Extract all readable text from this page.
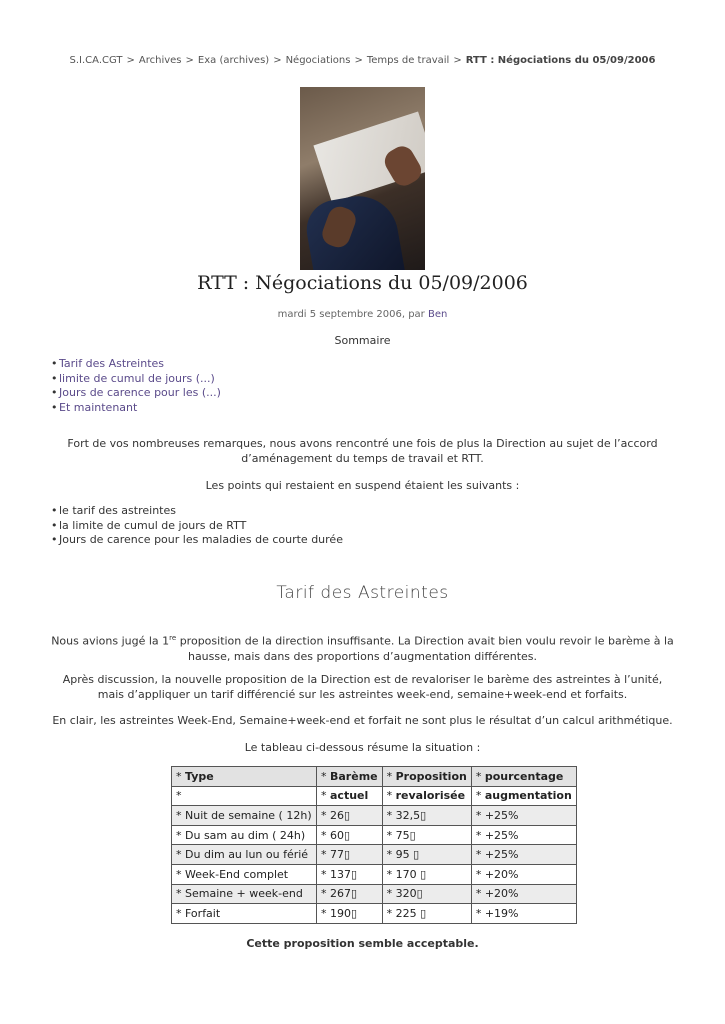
S.I.CA.CGT > Archives > Exa (archives) > Négociations > Temps de travail > RTT : Négociations du 05/09/2006
RTT : Négociations du 05/09/2006
mardi 5 septembre 2006, par Ben
Sommaire
• Tarif des Astreintes
• limite de cumul de jours (...)
• Jours de carence pour les (...)
• Et maintenant
Fort de vos nombreuses remarques, nous avons rencontré une fois de plus la Direction au sujet de l’accord d’aménagement du temps de travail et RTT.
Les points qui restaient en suspend étaient les suivants :
• le tarif des astreintes
• la limite de cumul de jours de RTT
• Jours de carence pour les maladies de courte durée
Tarif des Astreintes
Nous avions jugé la 1re proposition de la direction insuffisante. La Direction avait bien voulu revoir le barème à la hausse, mais dans des proportions d’augmentation différentes.
Après discussion, la nouvelle proposition de la Direction est de revaloriser le barème des astreintes à l’unité, mais d’appliquer un tarif différencié sur les astreintes week-end, semaine+week-end et forfaits.
En clair, les astreintes Week-End, Semaine+week-end et forfait ne sont plus le résultat d’un calcul arithmétique.
Le tableau ci-dessous résume la situation :
* Type	* Barème	* Proposition	* pourcentage
*	* actuel	* revalorisée	* augmentation
* Nuit de semaine ( 12h)	* 26▯	* 32,5▯	* +25%
* Du sam au dim ( 24h)	* 60▯	* 75▯	* +25%
* Du dim au lun ou férié	* 77▯	* 95 ▯	* +25%
* Week-End complet	* 137▯	* 170 ▯	* +20%
* Semaine + week-end	* 267▯	* 320▯	* +20%
* Forfait	* 190▯	* 225 ▯	* +19%
Cette proposition semble acceptable.
